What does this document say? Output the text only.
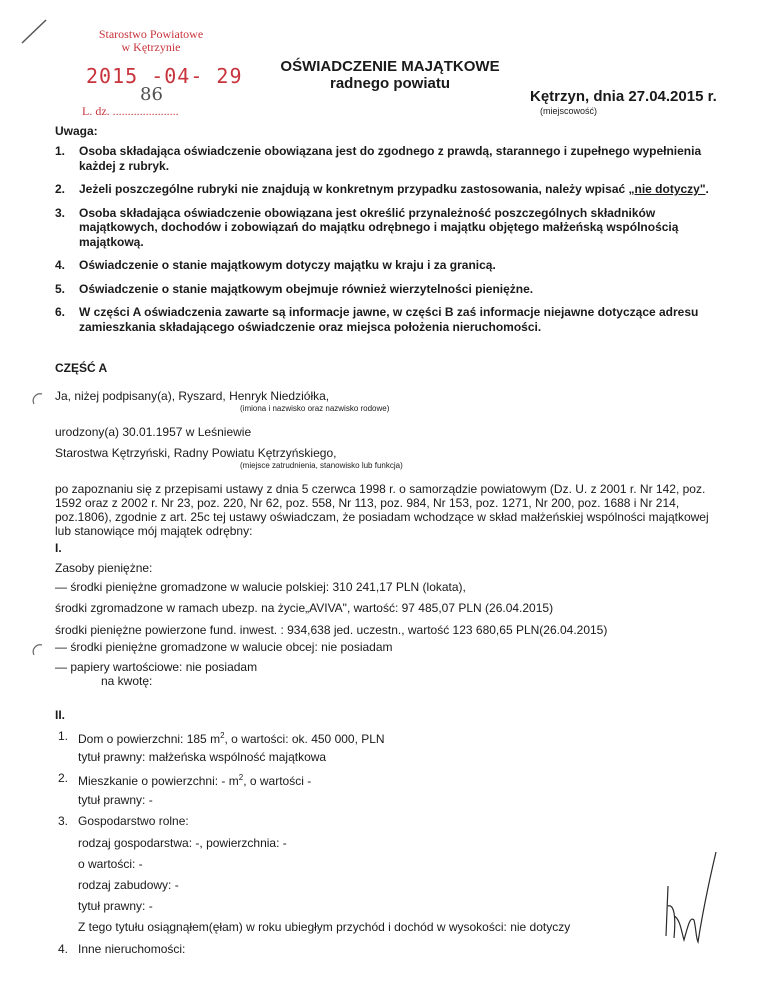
Starostwo Powiatowe
w Kętrzynie
2015 -04- 29
86
L. dz. ......................
OŚWIADCZENIE MAJĄTKOWE
radnego powiatu
Kętrzyn, dnia 27.04.2015 r.
(miejscowość)
Uwaga:
1. Osoba składająca oświadczenie obowiązana jest do zgodnego z prawdą, starannego i zupełnego wypełnienia każdej z rubryk.
2. Jeżeli poszczególne rubryki nie znajdują w konkretnym przypadku zastosowania, należy wpisać „nie dotyczy".
3. Osoba składająca oświadczenie obowiązana jest określić przynależność poszczególnych składników majątkowych, dochodów i zobowiązań do majątku odrębnego i majątku objętego małżeńską wspólnością majątkową.
4. Oświadczenie o stanie majątkowym dotyczy majątku w kraju i za granicą.
5. Oświadczenie o stanie majątkowym obejmuje również wierzytelności pieniężne.
6. W części A oświadczenia zawarte są informacje jawne, w części B zaś informacje niejawne dotyczące adresu zamieszkania składającego oświadczenie oraz miejsca położenia nieruchomości.
CZĘŚĆ A
Ja, niżej podpisany(a), Ryszard, Henryk Niedziółka,
(imiona i nazwisko oraz nazwisko rodowe)
urodzony(a) 30.01.1957 w Leśniewie
Starostwa Kętrzyński, Radny Powiatu Kętrzyńskiego,
(miejsce zatrudnienia, stanowisko lub funkcja)
po zapoznaniu się z przepisami ustawy z dnia 5 czerwca 1998 r. o samorządzie powiatowym (Dz. U. z 2001 r. Nr 142, poz. 1592 oraz z 2002 r. Nr 23, poz. 220, Nr 62, poz. 558, Nr 113, poz. 984, Nr 153, poz. 1271, Nr 200, poz. 1688 i Nr 214, poz.1806), zgodnie z art. 25c tej ustawy oświadczam, że posiadam wchodzące w skład małżeńskiej wspólności majątkowej lub stanowiące mój majątek odrębny:
I.
Zasoby pieniężne:
— środki pieniężne gromadzone w walucie polskiej: 310 241,17 PLN (lokata),
środki zgromadzone w ramach ubezp. na życie„AVIVA", wartość: 97 485,07 PLN (26.04.2015)
środki pieniężne powierzone fund. inwest. : 934,638 jed. uczestn., wartość 123 680,65 PLN(26.04.2015)
— środki pieniężne gromadzone w walucie obcej: nie posiadam
— papiery wartościowe: nie posiadam
na kwotę:
II.
1. Dom o powierzchni: 185 $m^2$, o wartości: ok. 450 000, PLN
tytuł prawny: małżeńska wspólność majątkowa
2. Mieszkanie o powierzchni: - $m^2$, o wartości -
tytuł prawny: -
3. Gospodarstwo rolne:
rodzaj gospodarstwa: -, powierzchnia: -
o wartości: -
rodzaj zabudowy: -
tytuł prawny: -
Z tego tytułu osiągnąłem(ęłam) w roku ubiegłym przychód i dochód w wysokości: nie dotyczy
4. Inne nieruchomości:
